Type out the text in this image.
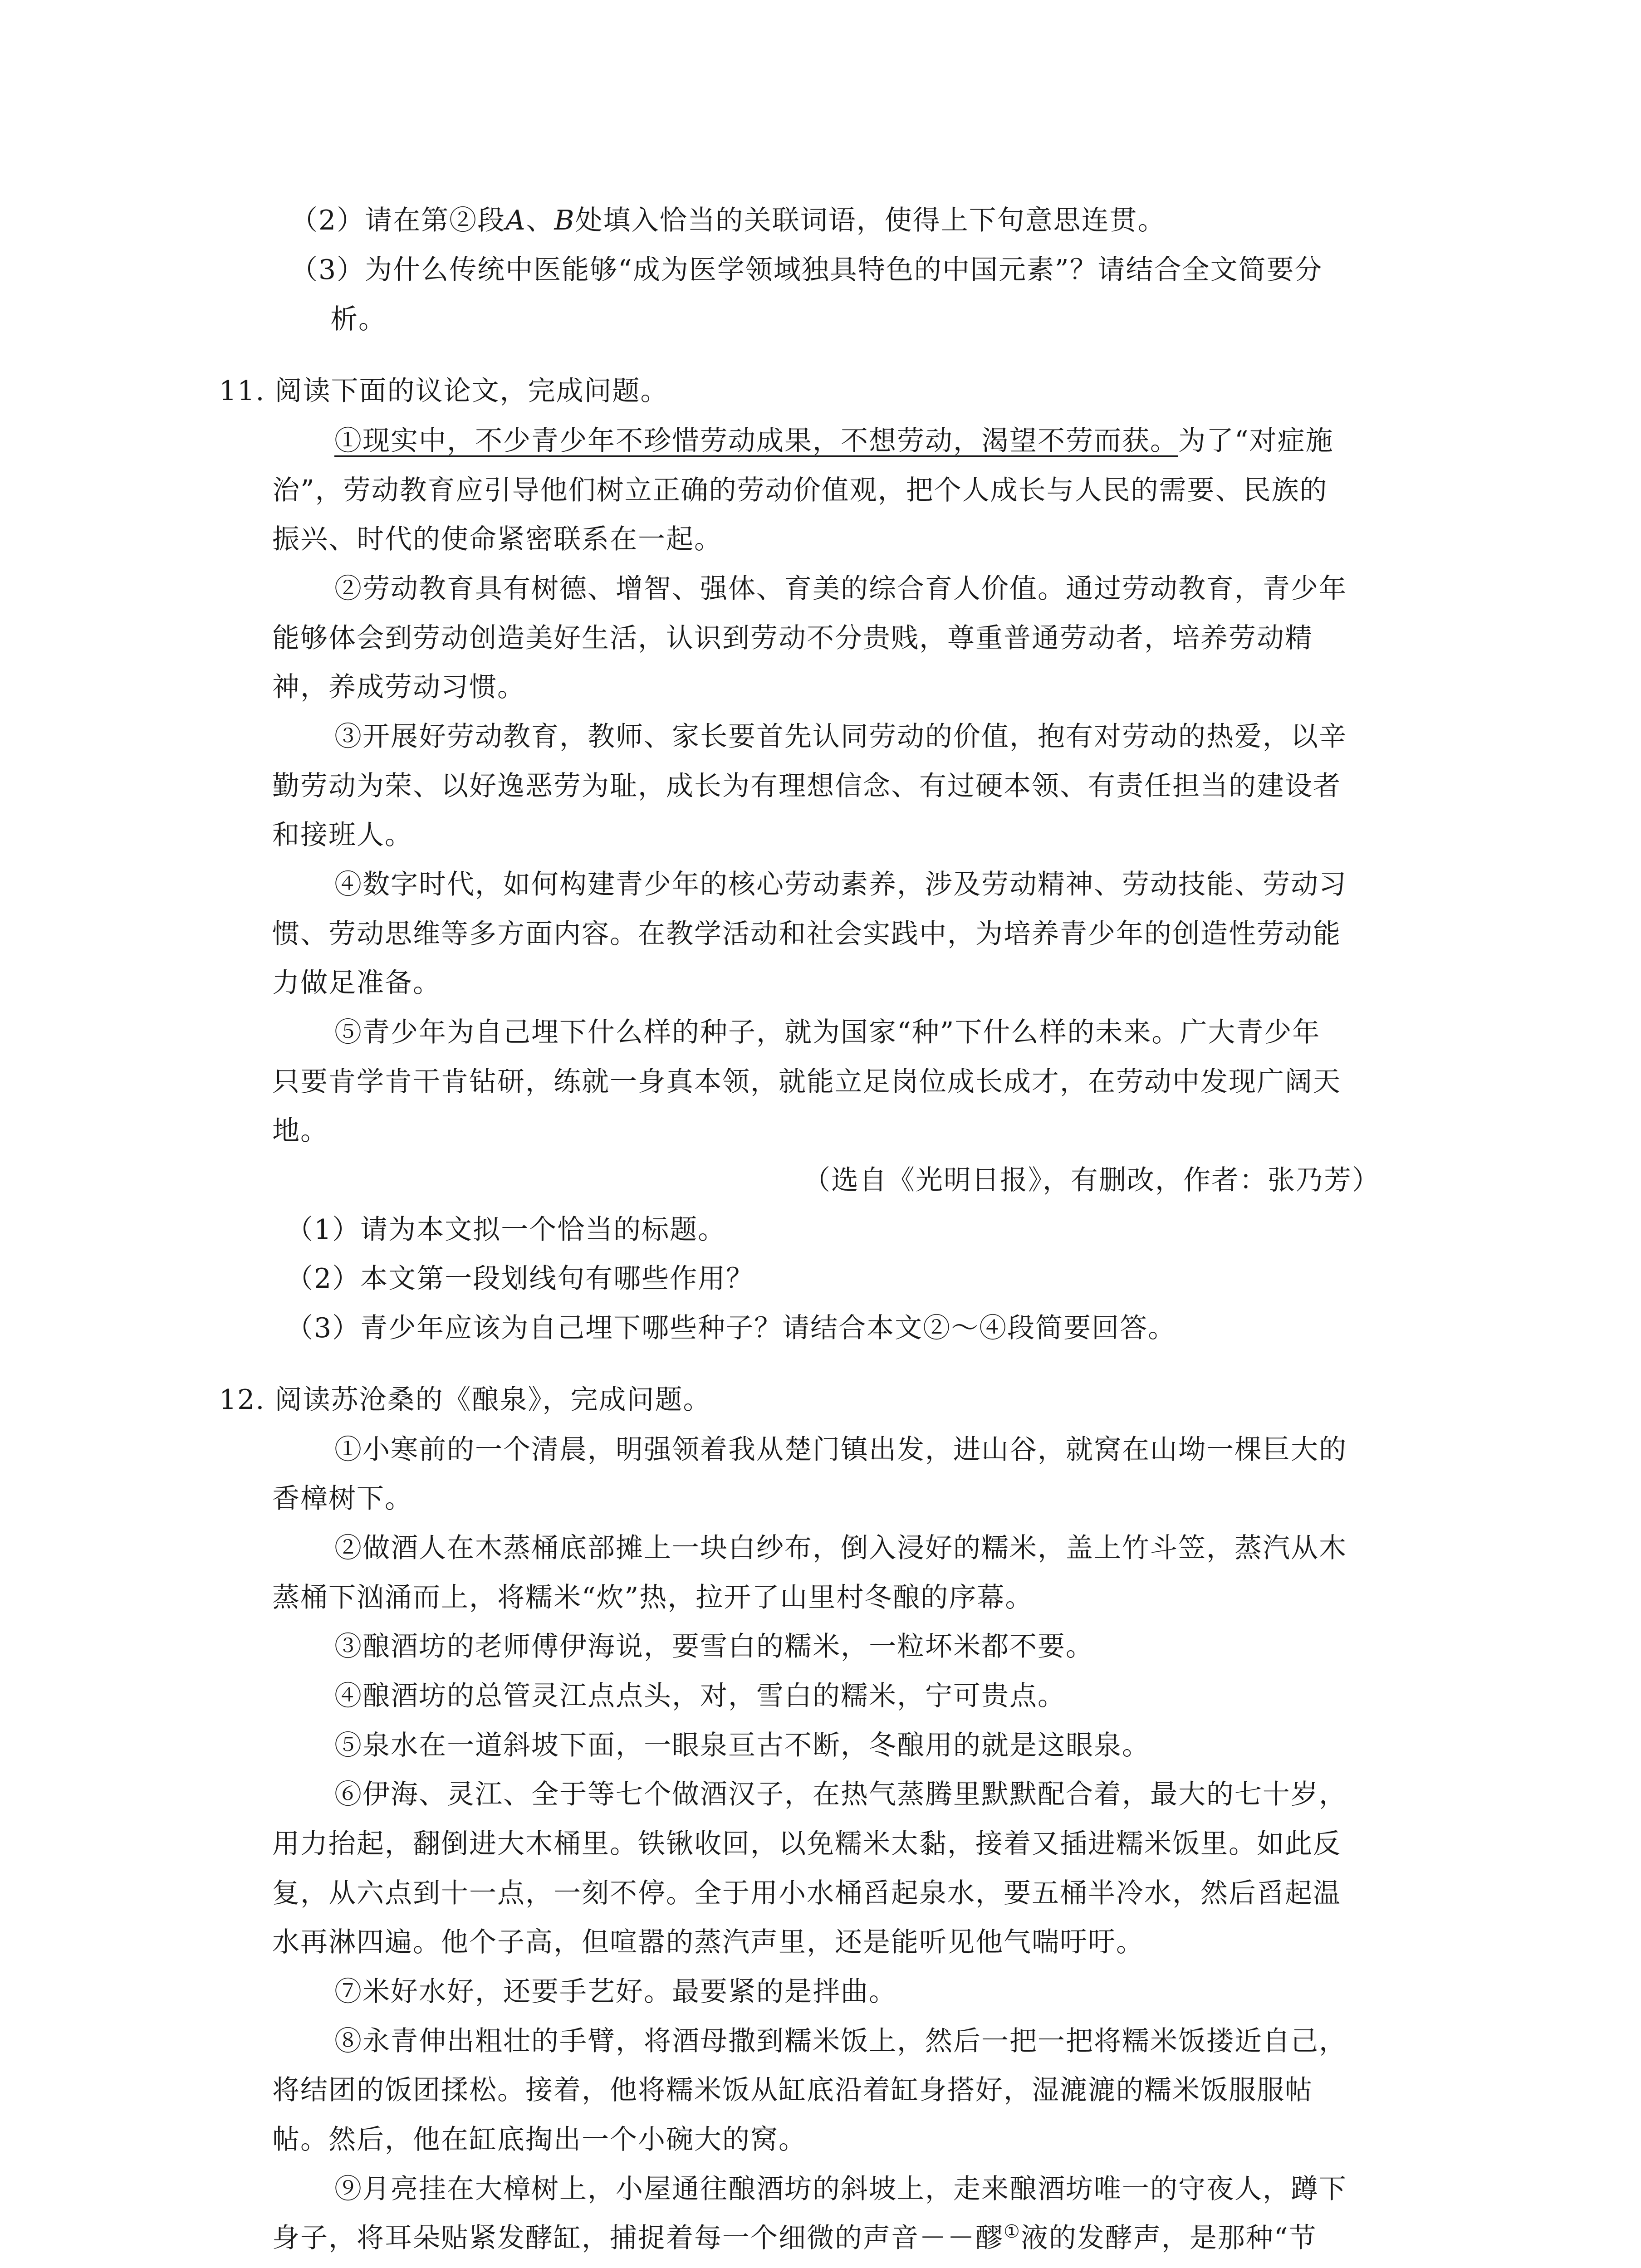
（2）请在第②段A、B处填入恰当的关联词语，使得上下句意思连贯。
（3）为什么传统中医能够“成为医学领域独具特色的中国元素”？请结合全文简要分
析。
11. 阅读下面的议论文，完成问题。
①现实中，不少青少年不珍惜劳动成果，不想劳动，渴望不劳而获。为了“对症施
治”，劳动教育应引导他们树立正确的劳动价值观，把个人成长与人民的需要、民族的
振兴、时代的使命紧密联系在一起。
②劳动教育具有树德、增智、强体、育美的综合育人价值。通过劳动教育，青少年
能够体会到劳动创造美好生活，认识到劳动不分贵贱，尊重普通劳动者，培养劳动精
神，养成劳动习惯。
③开展好劳动教育，教师、家长要首先认同劳动的价值，抱有对劳动的热爱，以辛
勤劳动为荣、以好逸恶劳为耻，成长为有理想信念、有过硬本领、有责任担当的建设者
和接班人。
④数字时代，如何构建青少年的核心劳动素养，涉及劳动精神、劳动技能、劳动习
惯、劳动思维等多方面内容。在教学活动和社会实践中，为培养青少年的创造性劳动能
力做足准备。
⑤青少年为自己埋下什么样的种子，就为国家“种”下什么样的未来。广大青少年
只要肯学肯干肯钻研，练就一身真本领，就能立足岗位成长成才，在劳动中发现广阔天
地。
（选自《光明日报》，有删改，作者：张乃芳）
（1）请为本文拟一个恰当的标题。
（2）本文第一段划线句有哪些作用？
（3）青少年应该为自己埋下哪些种子？请结合本文②～④段简要回答。
12. 阅读苏沧桑的《酿泉》，完成问题。
①小寒前的一个清晨，明强领着我从楚门镇出发，进山谷，就窝在山坳一棵巨大的
香樟树下。
②做酒人在木蒸桶底部摊上一块白纱布，倒入浸好的糯米，盖上竹斗笠，蒸汽从木
蒸桶下汹涌而上，将糯米“炊”热，拉开了山里村冬酿的序幕。
③酿酒坊的老师傅伊海说，要雪白的糯米，一粒坏米都不要。
④酿酒坊的总管灵江点点头，对，雪白的糯米，宁可贵点。
⑤泉水在一道斜坡下面，一眼泉亘古不断，冬酿用的就是这眼泉。
⑥伊海、灵江、全于等七个做酒汉子，在热气蒸腾里默默配合着，最大的七十岁，
用力抬起，翻倒进大木桶里。铁锹收回，以免糯米太黏，接着又插进糯米饭里。如此反
复，从六点到十一点，一刻不停。全于用小水桶舀起泉水，要五桶半冷水，然后舀起温
水再淋四遍。他个子高，但喧嚣的蒸汽声里，还是能听见他气喘吁吁。
⑦米好水好，还要手艺好。最要紧的是拌曲。
⑧永青伸出粗壮的手臂，将酒母撒到糯米饭上，然后一把一把将糯米饭搂近自己，
将结团的饭团揉松。接着，他将糯米饭从缸底沿着缸身搭好，湿漉漉的糯米饭服服帖
帖。然后，他在缸底掏出一个小碗大的窝。
⑨月亮挂在大樟树上，小屋通往酿酒坊的斜坡上，走来酿酒坊唯一的守夜人，蹲下
身子，将耳朵贴紧发酵缸，捕捉着每一个细微的声音－－醪①液的发酵声，是那种“节
